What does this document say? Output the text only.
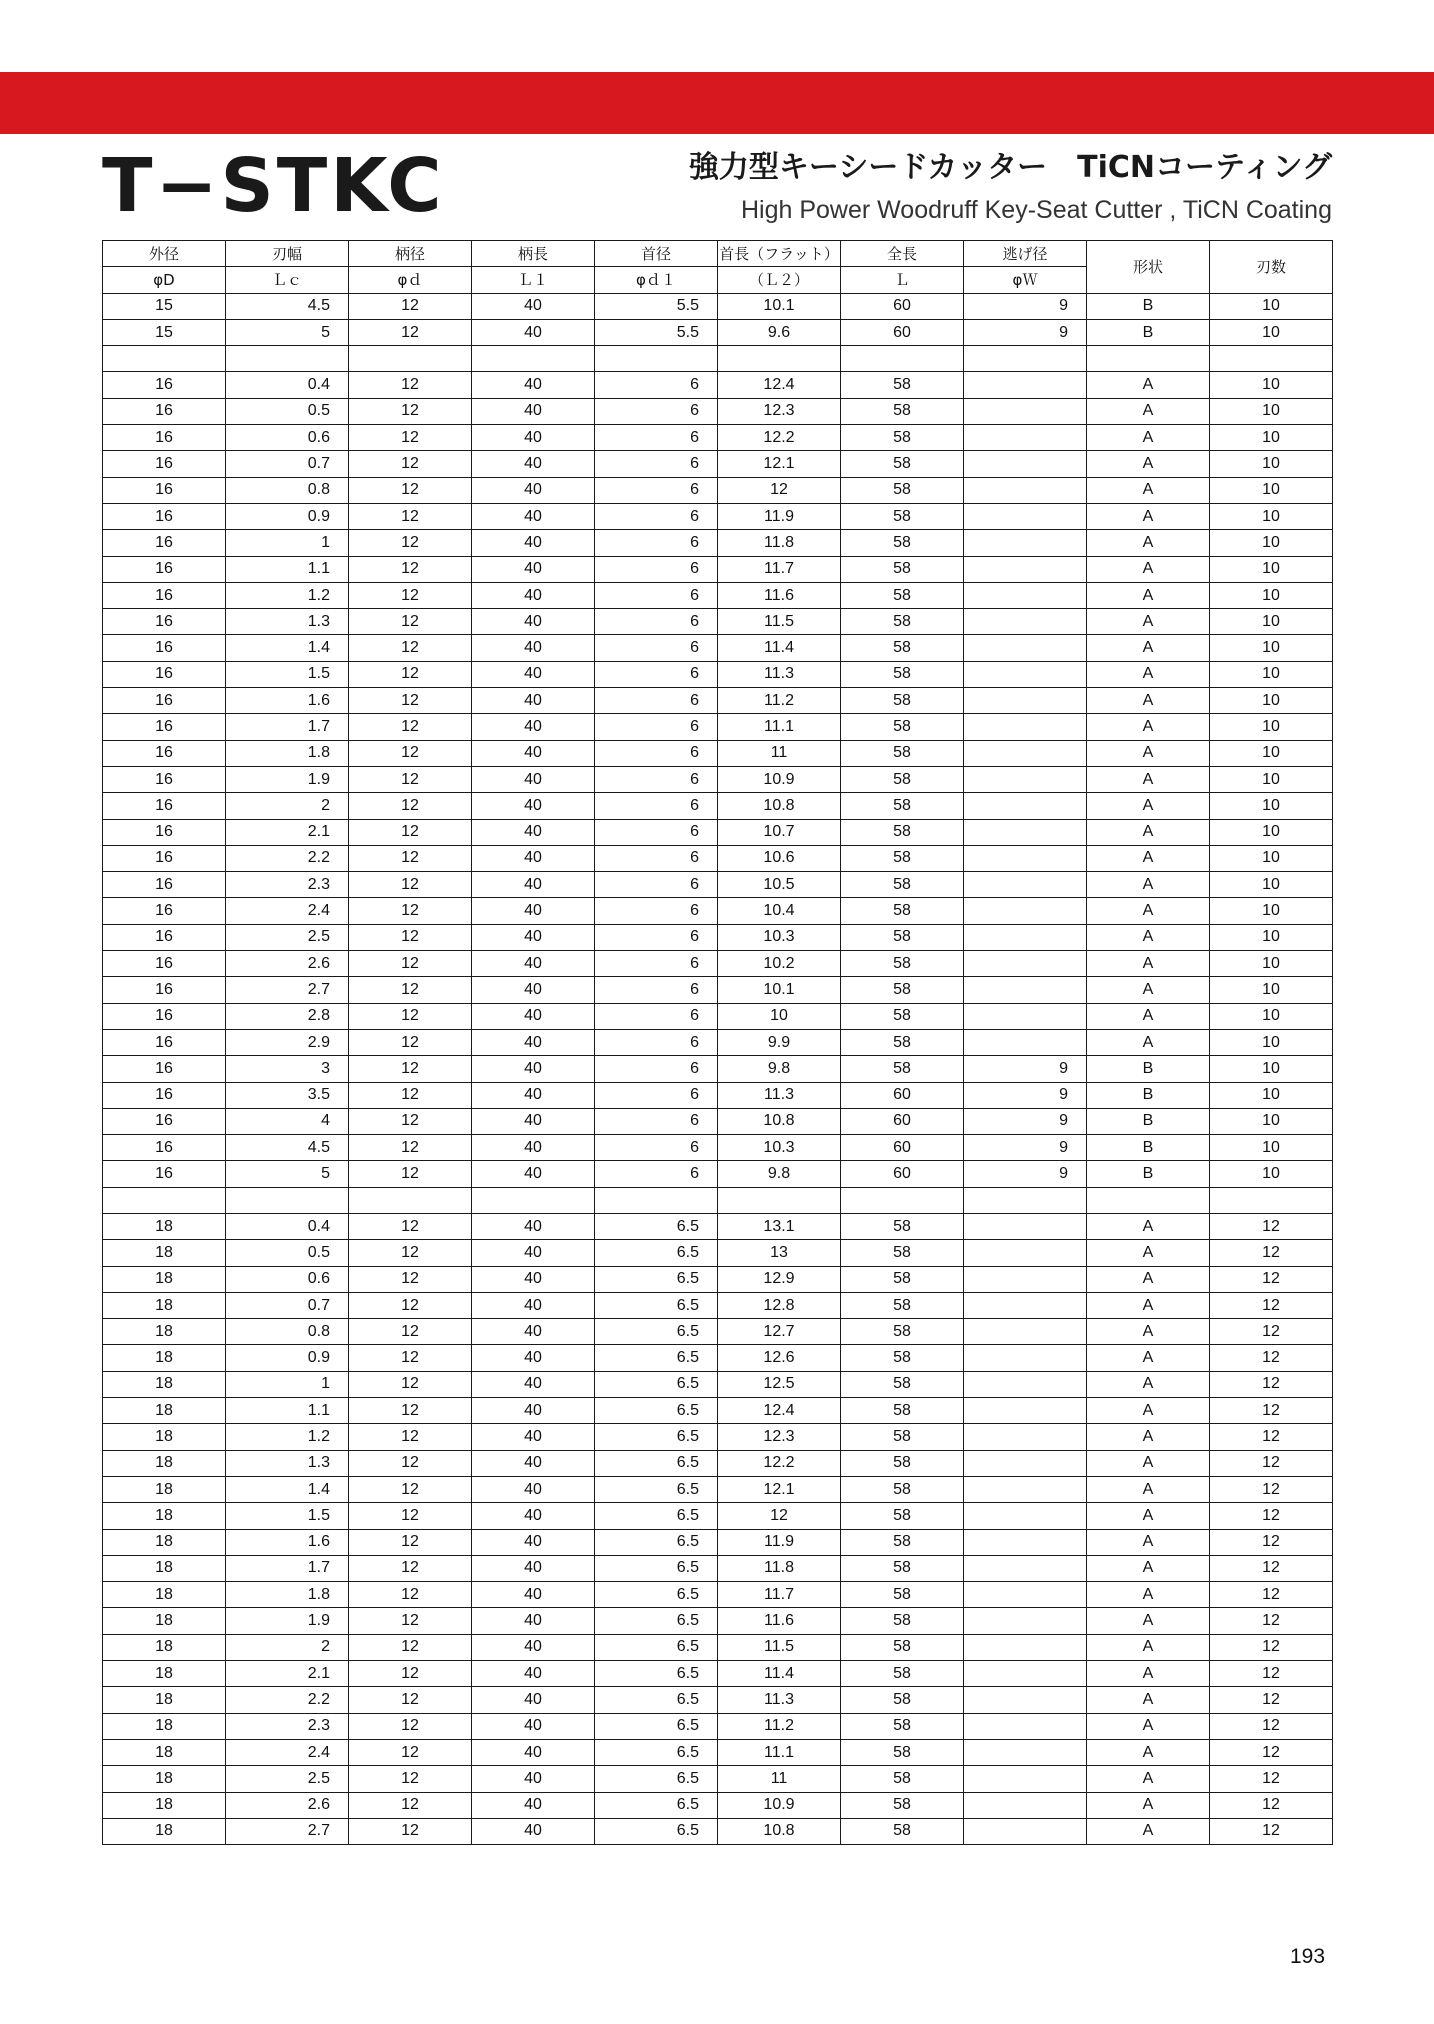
T−STKC	強力型キーシードカッター　TiCNコーティング
High Power Woodruff Key-Seat Cutter , TiCN Coating
外径	刃幅	柄径	柄長	首径	首長（フラット）	全長	逃げ径	形状	刃数
φD	Ｌｃ	φｄ	Ｌ１	φｄ１	（Ｌ２）	Ｌ	φＷ		
15	4.5	12	40	5.5	10.1	60	9	B	10
15	5	12	40	5.5	9.6	60	9	B	10

16	0.4	12	40	6	12.4	58		A	10
16	0.5	12	40	6	12.3	58		A	10
16	0.6	12	40	6	12.2	58		A	10
16	0.7	12	40	6	12.1	58		A	10
16	0.8	12	40	6	12	58		A	10
16	0.9	12	40	6	11.9	58		A	10
16	1	12	40	6	11.8	58		A	10
16	1.1	12	40	6	11.7	58		A	10
16	1.2	12	40	6	11.6	58		A	10
16	1.3	12	40	6	11.5	58		A	10
16	1.4	12	40	6	11.4	58		A	10
16	1.5	12	40	6	11.3	58		A	10
16	1.6	12	40	6	11.2	58		A	10
16	1.7	12	40	6	11.1	58		A	10
16	1.8	12	40	6	11	58		A	10
16	1.9	12	40	6	10.9	58		A	10
16	2	12	40	6	10.8	58		A	10
16	2.1	12	40	6	10.7	58		A	10
16	2.2	12	40	6	10.6	58		A	10
16	2.3	12	40	6	10.5	58		A	10
16	2.4	12	40	6	10.4	58		A	10
16	2.5	12	40	6	10.3	58		A	10
16	2.6	12	40	6	10.2	58		A	10
16	2.7	12	40	6	10.1	58		A	10
16	2.8	12	40	6	10	58		A	10
16	2.9	12	40	6	9.9	58		A	10
16	3	12	40	6	9.8	58	9	B	10
16	3.5	12	40	6	11.3	60	9	B	10
16	4	12	40	6	10.8	60	9	B	10
16	4.5	12	40	6	10.3	60	9	B	10
16	5	12	40	6	9.8	60	9	B	10

18	0.4	12	40	6.5	13.1	58		A	12
18	0.5	12	40	6.5	13	58		A	12
18	0.6	12	40	6.5	12.9	58		A	12
18	0.7	12	40	6.5	12.8	58		A	12
18	0.8	12	40	6.5	12.7	58		A	12
18	0.9	12	40	6.5	12.6	58		A	12
18	1	12	40	6.5	12.5	58		A	12
18	1.1	12	40	6.5	12.4	58		A	12
18	1.2	12	40	6.5	12.3	58		A	12
18	1.3	12	40	6.5	12.2	58		A	12
18	1.4	12	40	6.5	12.1	58		A	12
18	1.5	12	40	6.5	12	58		A	12
18	1.6	12	40	6.5	11.9	58		A	12
18	1.7	12	40	6.5	11.8	58		A	12
18	1.8	12	40	6.5	11.7	58		A	12
18	1.9	12	40	6.5	11.6	58		A	12
18	2	12	40	6.5	11.5	58		A	12
18	2.1	12	40	6.5	11.4	58		A	12
18	2.2	12	40	6.5	11.3	58		A	12
18	2.3	12	40	6.5	11.2	58		A	12
18	2.4	12	40	6.5	11.1	58		A	12
18	2.5	12	40	6.5	11	58		A	12
18	2.6	12	40	6.5	10.9	58		A	12
18	2.7	12	40	6.5	10.8	58		A	12
193
